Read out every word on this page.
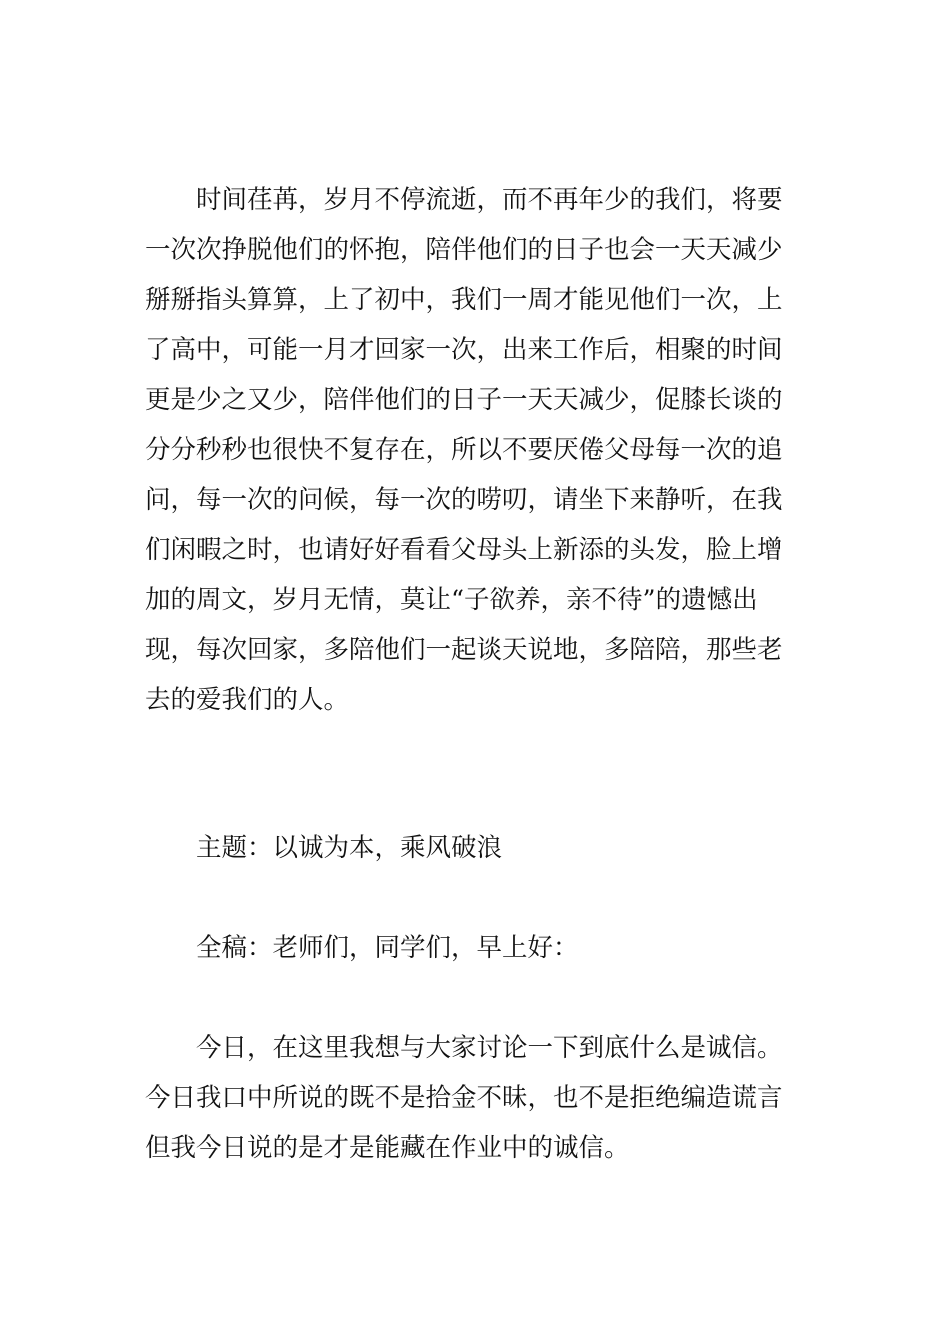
时间荏苒，岁月不停流逝，而不再年少的我们，将要
一次次挣脱他们的怀抱，陪伴他们的日子也会一天天减少
掰掰指头算算，上了初中，我们一周才能见他们一次，上
了高中，可能一月才回家一次，出来工作后，相聚的时间
更是少之又少，陪伴他们的日子一天天减少，促膝长谈的
分分秒秒也很快不复存在，所以不要厌倦父母每一次的追
问，每一次的问候，每一次的唠叨，请坐下来静听，在我
们闲暇之时，也请好好看看父母头上新添的头发，脸上增
加的周文，岁月无情，莫让“子欲养，亲不待”的遗憾出
现，每次回家，多陪他们一起谈天说地，多陪陪，那些老
去的爱我们的人。
主题：以诚为本，乘风破浪
全稿：老师们，同学们，早上好：
今日，在这里我想与大家讨论一下到底什么是诚信。
今日我口中所说的既不是拾金不昧，也不是拒绝编造谎言
但我今日说的是才是能藏在作业中的诚信。
